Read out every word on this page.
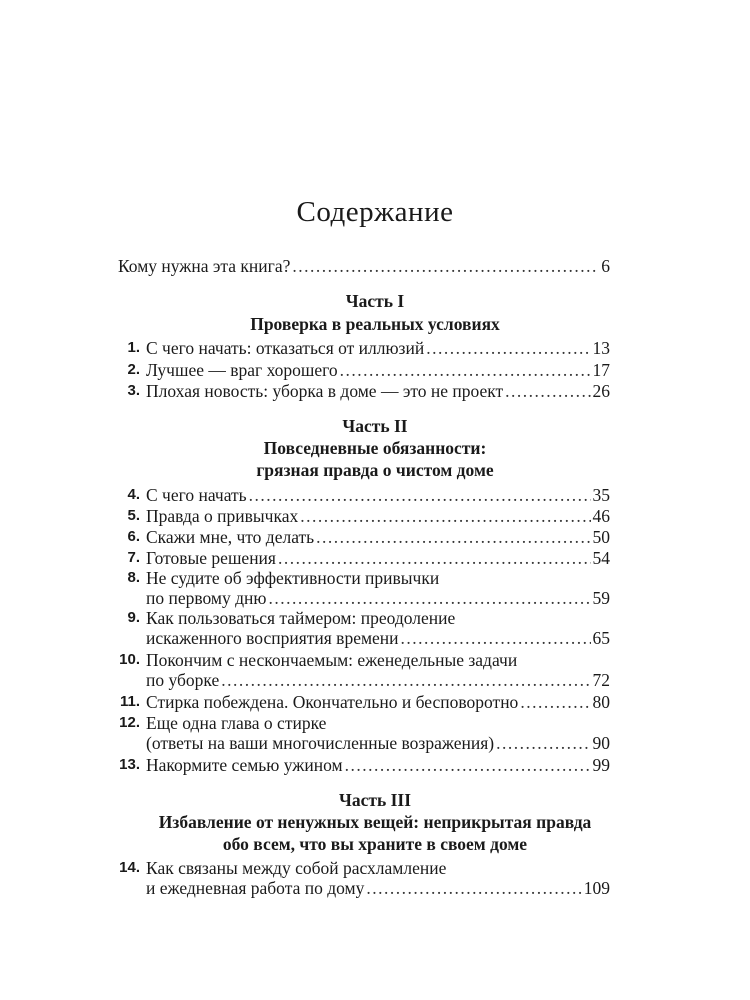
Содержание
Кому нужна эта книга? .....	6
Часть I
Проверка в реальных условиях
1. С чего начать: отказаться от иллюзий .....	13
2. Лучшее — враг хорошего .....	17
3. Плохая новость: уборка в доме — это не проект .....	26
Часть II
Повседневные обязанности:
грязная правда о чистом доме
4. С чего начать .....	35
5. Правда о привычках .....	46
6. Скажи мне, что делать .....	50
7. Готовые решения .....	54
8. Не судите об эффективности привычки
по первому дню .....	59
9. Как пользоваться таймером: преодоление
искаженного восприятия времени .....	65
10. Покончим с нескончаемым: еженедельные задачи
по уборке .....	72
11. Стирка побеждена. Окончательно и бесповоротно .....	80
12. Еще одна глава о стирке
(ответы на ваши многочисленные возражения) .....	90
13. Накормите семью ужином .....	99
Часть III
Избавление от ненужных вещей: неприкрытая правда
обо всем, что вы храните в своем доме
14. Как связаны между собой расхламление
и ежедневная работа по дому .....	109
